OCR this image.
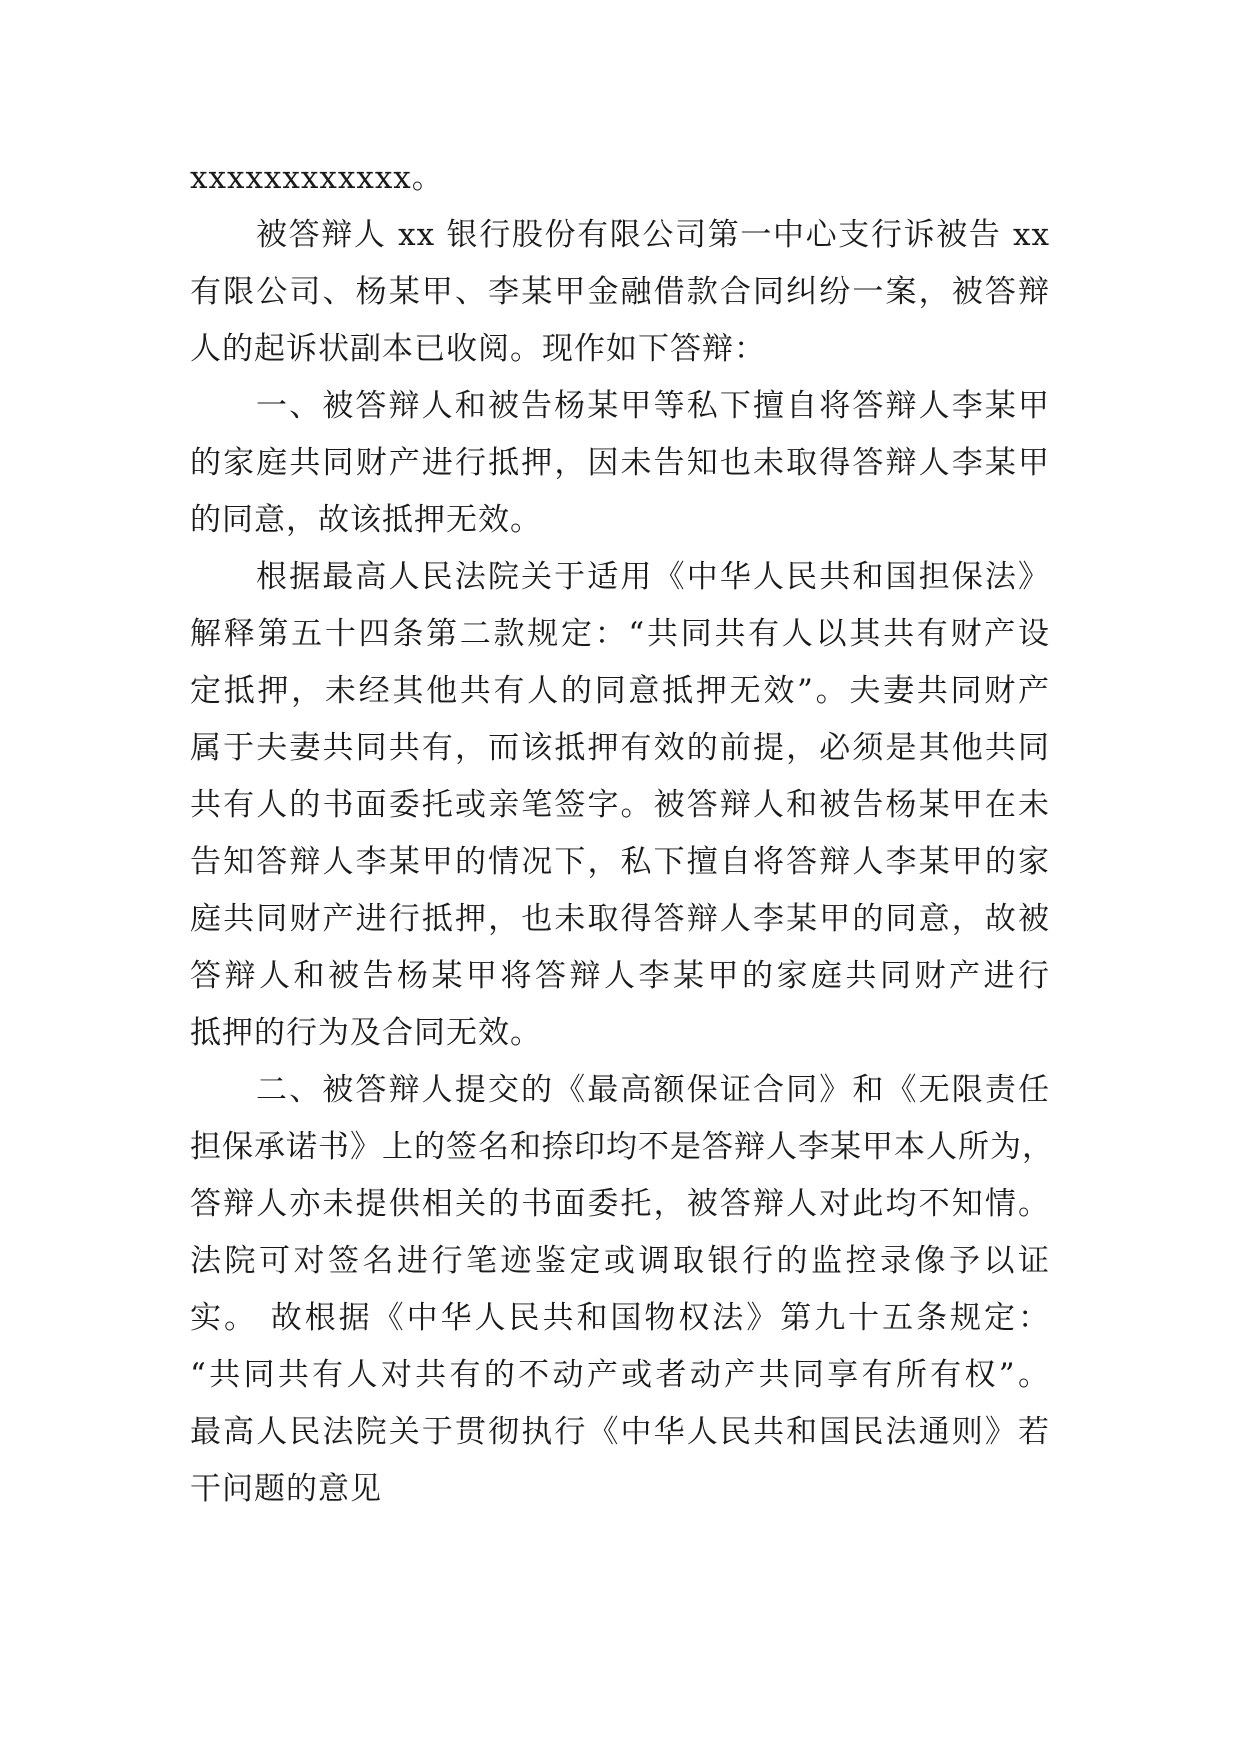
xxxxxxxxxxxx。
被答辩人 xx 银行股份有限公司第一中心支行诉被告 xx
有限公司、杨某甲、李某甲金融借款合同纠纷一案，被答辩
人的起诉状副本已收阅。现作如下答辩：
一、被答辩人和被告杨某甲等私下擅自将答辩人李某甲
的家庭共同财产进行抵押，因未告知也未取得答辩人李某甲
的同意，故该抵押无效。
根据最高人民法院关于适用《中华人民共和国担保法》
解释第五十四条第二款规定：“共同共有人以其共有财产设
定抵押，未经其他共有人的同意抵押无效”。夫妻共同财产
属于夫妻共同共有，而该抵押有效的前提，必须是其他共同
共有人的书面委托或亲笔签字。被答辩人和被告杨某甲在未
告知答辩人李某甲的情况下，私下擅自将答辩人李某甲的家
庭共同财产进行抵押，也未取得答辩人李某甲的同意，故被
答辩人和被告杨某甲将答辩人李某甲的家庭共同财产进行
抵押的行为及合同无效。
二、被答辩人提交的《最高额保证合同》和《无限责任
担保承诺书》上的签名和捺印均不是答辩人李某甲本人所为，
答辩人亦未提供相关的书面委托，被答辩人对此均不知情。
法院可对签名进行笔迹鉴定或调取银行的监控录像予以证
实。 故根据《中华人民共和国物权法》第九十五条规定：
“共同共有人对共有的不动产或者动产共同享有所有权”。
最高人民法院关于贯彻执行《中华人民共和国民法通则》若
干问题的意见
